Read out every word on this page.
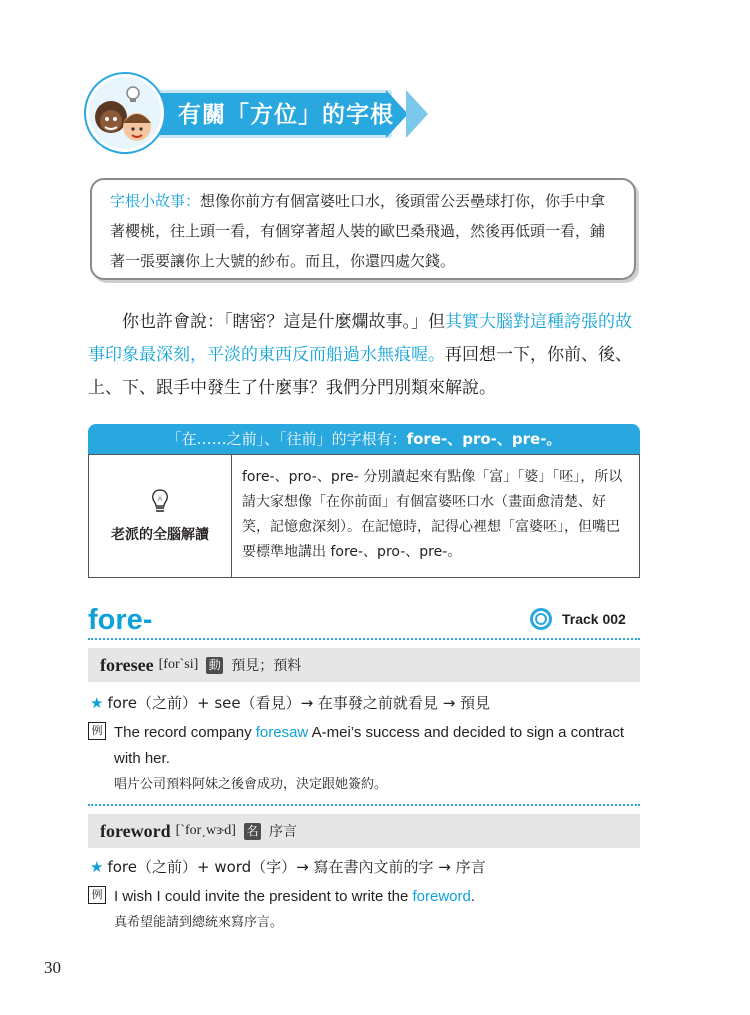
有關「方位」的字根
字根小故事：想像你前方有個富婆吐口水，後頭雷公丟壘球打你，你手中拿著櫻桃，往上頭一看，有個穿著超人裝的歐巴桑飛過，然後再低頭一看，鋪著一張要讓你上大號的紗布。而且，你還四處欠錢。
你也許會說：「瞎密？這是什麼爛故事。」但其實大腦對這種誇張的故事印象最深刻，平淡的東西反而船過水無痕喔。再回想一下，你前、後、上、下、跟手中發生了什麼事？我們分門別類來解說。
「在……之前」、「往前」的字根有：fore-、pro-、pre-。
老派的全腦解讀
fore-、pro-、pre- 分別讀起來有點像「富」「婆」「呸」，所以請大家想像「在你前面」有個富婆呸口水（畫面愈清楚、好笑，記憶愈深刻）。在記憶時，記得心裡想「富婆呸」，但嘴巴要標準地講出 fore-、pro-、pre-。
fore-	Track 002
foresee [forˋsi] 動 預見；預料
★ fore（之前）+ see（看見）→ 在事發之前就看見 → 預見
例 The record company foresaw A-mei’s success and decided to sign a contract with her.
唱片公司預料阿妹之後會成功，決定跟她簽約。
foreword [ˋfor͵wɝd] 名 序言
★ fore（之前）+ word（字）→ 寫在書內文前的字 → 序言
例 I wish I could invite the president to write the foreword.
真希望能請到總統來寫序言。
30
